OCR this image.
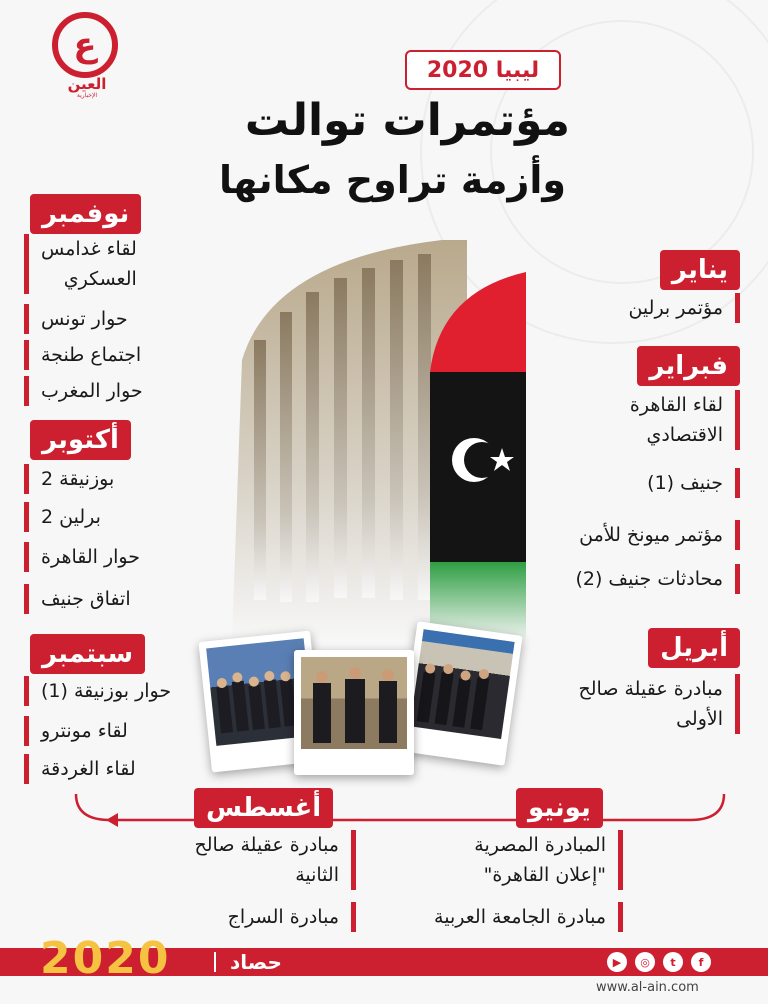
ع
العين
الإخبارية
ليبيا 2020
مؤتمرات توالت
وأزمة تراوح مكانها
يناير
مؤتمر برلين
فبراير
لقاء القاهرة
الاقتصادي
جنيف (1)
مؤتمر ميونخ للأمن
محادثات جنيف (2)
أبريل
مبادرة عقيلة صالح
الأولى
نوفمبر
لقاء غدامس
العسكري
حوار تونس
اجتماع طنجة
حوار المغرب
أكتوبر
بوزنيقة 2
برلين 2
حوار القاهرة
اتفاق جنيف
سبتمبر
حوار بوزنيقة (1)
لقاء مونترو
لقاء الغردقة
يونيو
المبادرة المصرية
"إعلان القاهرة"
مبادرة الجامعة العربية
أغسطس
مبادرة عقيلة صالح
الثانية
مبادرة السراج
2020	حصاد	▶	◎	t	f
www.al-ain.com
